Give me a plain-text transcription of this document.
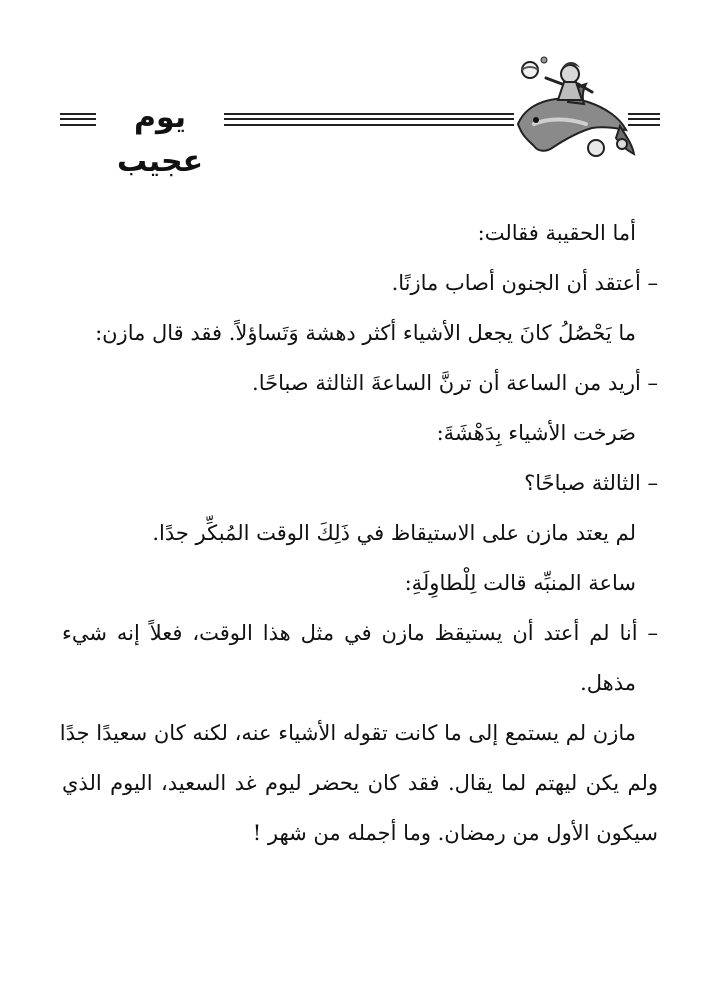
يوم عجيب
أما الحقيبة فقالت:
– أعتقد أن الجنون أصاب مازنًا.
ما يَحْصُلُ كانَ يجعل الأشياء أكثر دهشة وَتَساؤلاً. فقد قال مازن:
– أريد من الساعة أن ترنَّ الساعةَ الثالثة صباحًا.
صَرخت الأشياء بِدَهْشَةَ:
– الثالثة صباحًا؟
لم يعتد مازن على الاستيقاظ في ذَلِكَ الوقت المُبكِّر جدًا.
ساعة المنبِّه قالت لِلْطاوِلَةِ:
– أنا لم أعتد أن يستيقظ مازن في مثل هذا الوقت، فعلاً إنه شيء
مذهل.
مازن لم يستمع إلى ما كانت تقوله الأشياء عنه، لكنه كان سعيدًا جدًا
ولم يكن ليهتم لما يقال. فقد كان يحضر ليوم غد السعيد، اليوم الذي
سيكون الأول من رمضان. وما أجمله من شهر !
